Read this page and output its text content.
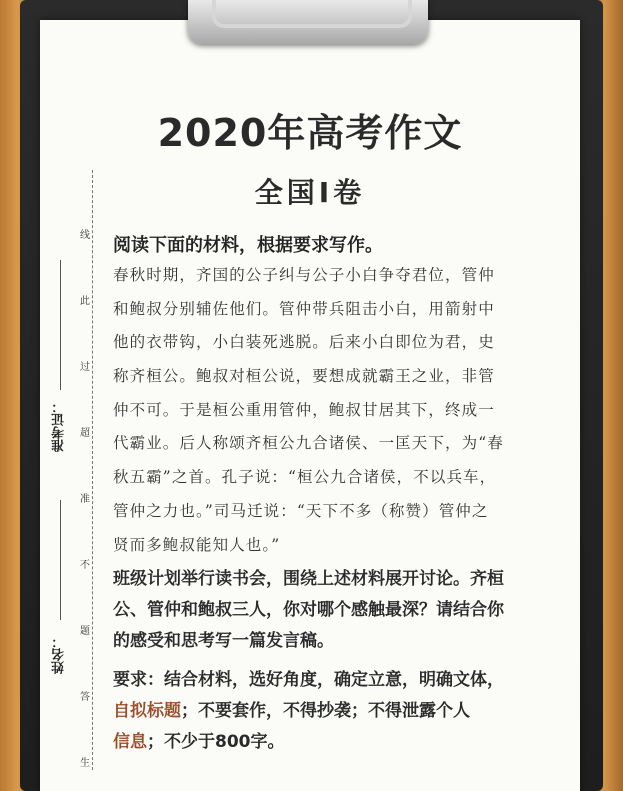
线
此
过
超
准
不
题
答
生
准考证：
姓名：
2020年高考作文
全国Ⅰ卷
阅读下面的材料，根据要求写作。
春秋时期，齐国的公子纠与公子小白争夺君位，管仲
和鲍叔分别辅佐他们。管仲带兵阻击小白，用箭射中
他的衣带钩，小白装死逃脱。后来小白即位为君，史
称齐桓公。鲍叔对桓公说，要想成就霸王之业，非管
仲不可。于是桓公重用管仲，鲍叔甘居其下，终成一
代霸业。后人称颂齐桓公九合诸侯、一匡天下，为“春
秋五霸”之首。孔子说：“桓公九合诸侯，不以兵车，
管仲之力也。”司马迁说：“天下不多（称赞）管仲之
贤而多鲍叔能知人也。”
班级计划举行读书会，围绕上述材料展开讨论。齐桓
公、管仲和鲍叔三人，你对哪个感触最深？请结合你
的感受和思考写一篇发言稿。
要求：结合材料，选好角度，确定立意，明确文体，
自拟标题；不要套作，不得抄袭；不得泄露个人
信息；不少于800字。
